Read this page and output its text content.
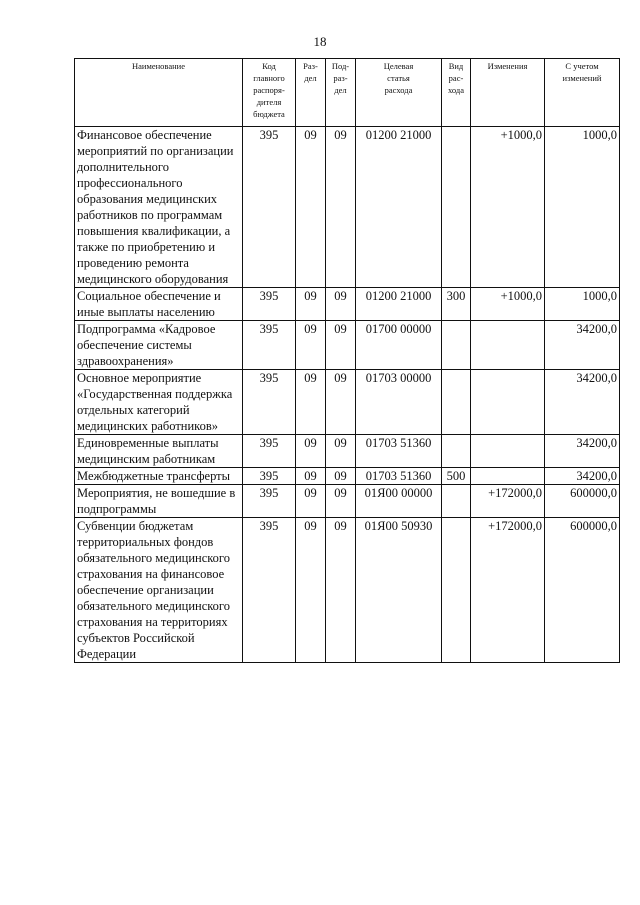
18
Наименование	Код
главного
распоря-
дителя
бюджета	Раз-
дел	Под-
раз-
дел	Целевая
статья
расхода	Вид
рас-
хода	Изменения	С учетом
изменений
Финансовое обеспечение мероприятий по организации дополнительного профессионального образования медицинских работников по программам повышения квалификации, а также по приобретению и проведению ремонта медицинского оборудования	395	09	09	01200 21000		+1000,0	1000,0
Социальное обеспечение и иные выплаты населению	395	09	09	01200 21000	300	+1000,0	1000,0
Подпрограмма «Кадровое обеспечение системы здравоохранения»	395	09	09	01700 00000			34200,0
Основное мероприятие «Государственная поддержка отдельных категорий медицинских работников»	395	09	09	01703 00000			34200,0
Единовременные выплаты медицинским работникам	395	09	09	01703 51360			34200,0
Межбюджетные трансферты	395	09	09	01703 51360	500		34200,0
Мероприятия, не вошедшие в подпрограммы	395	09	09	01Я00 00000		+172000,0	600000,0
Субвенции бюджетам территориальных фондов обязательного медицинского страхования на финансовое обеспечение организации обязательного медицинского страхования на территориях субъектов Российской Федерации	395	09	09	01Я00 50930		+172000,0	600000,0
